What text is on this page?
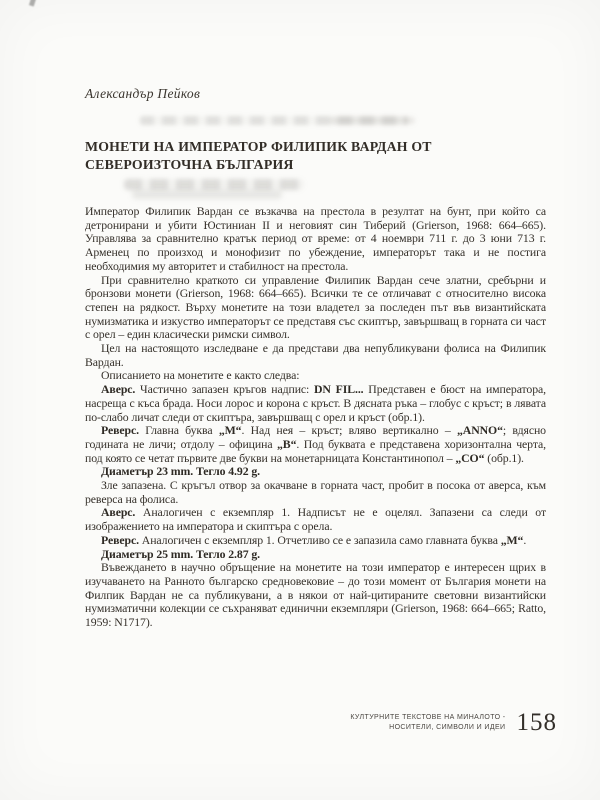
Александър Пейков
МОНЕТИ НА ИМПЕРАТОР ФИЛИПИК ВАРДАН ОТ СЕВЕРОИЗТОЧНА БЪЛГАРИЯ

Император Филипик Вардан се възкачва на престола в резултат на бунт, при който са детронирани и убити Юстиниан II и неговият син Тиберий (Grierson, 1968: 664–665). Управлява за сравнително кратък период от време: от 4 ноември 711 г. до 3 юни 713 г. Арменец по произход и монофизит по убеждение, императорът така и не постига необходимия му авторитет и стабилност на престола.

При сравнително краткото си управление Филипик Вардан сече златни, сребърни и бронзови монети (Grierson, 1968: 664–665). Всички те се отличават с относително висока степен на рядкост. Върху монетите на този владетел за последен път във византийската нумизматика и изкуство императорът се представя със скиптър, завършващ в горната си част с орел – един класически римски символ.

Цел на настоящото изследване е да представи два непубликувани фолиса на Филипик Вардан.

Описанието на монетите е както следва:

Аверс. Частично запазен кръгов надпис: DN FIL... Представен е бюст на императора, насреща с къса брада. Носи лорос и корона с кръст. В дясната ръка – глобус с кръст; в лявата по-слабо личат следи от скиптъра, завършващ с орел и кръст (обр.1).

Реверс. Главна буква „М“. Над нея – кръст; вляво вертикално – „ANNO“; вдясно годината не личи; отдолу – официна „В“. Под буквата е представена хоризонтална черта, под която се четат първите две букви на монетарницата Константинопол – „СО“ (обр.1).

Диаметър 23 mm. Тегло 4.92 g.

Зле запазена. С кръгъл отвор за окачване в горната част, пробит в посока от аверса, към реверса на фолиса.

Аверс. Аналогичен с екземпляр 1. Надписът не е оцелял. Запазени са следи от изображението на императора и скиптъра с орела.

Реверс. Аналогичен с екземпляр 1. Отчетливо се е запазила само главната буква „М“.

Диаметър 25 mm. Тегло 2.87 g.

Въвеждането в научно обръщение на монетите на този император е интересен щрих в изучаването на Ранното българско средновековие – до този момент от България монети на Филпик Вардан не са публикувани, а в някои от най-цитираните световни византийски нумизматични колекции се съхраняват единични екземпляри (Grierson, 1968: 664–665; Ratto, 1959: N1717).

КУЛТУРНИТЕ ТЕКСТОВЕ НА МИНАЛОТО -
НОСИТЕЛИ, СИМВОЛИ И ИДЕИ 158
